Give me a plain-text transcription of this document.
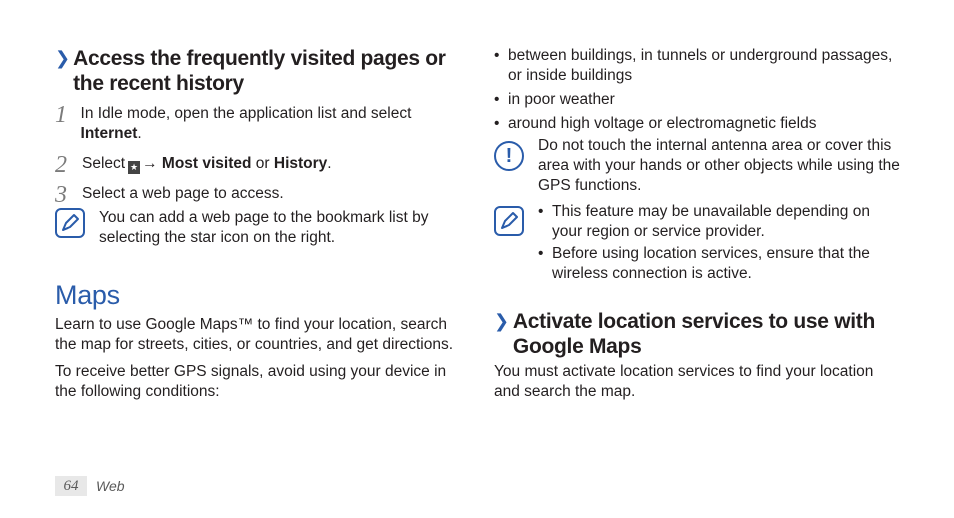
❯ Access the frequently visited pages or the recent history
1 In Idle mode, open the application list and select Internet.
2 Select ★ → Most visited or History.
3 Select a web page to access.
You can add a web page to the bookmark list by selecting the star icon on the right.
Maps
Learn to use Google Maps™ to find your location, search the map for streets, cities, or countries, and get directions.
To receive better GPS signals, avoid using your device in the following conditions:
• between buildings, in tunnels or underground passages, or inside buildings
• in poor weather
• around high voltage or electromagnetic fields
!	Do not touch the internal antenna area or cover this area with your hands or other objects while using the GPS functions.
• This feature may be unavailable depending on your region or service provider.
• Before using location services, ensure that the wireless connection is active.
❯ Activate location services to use with Google Maps
You must activate location services to find your location and search the map.
64	Web
